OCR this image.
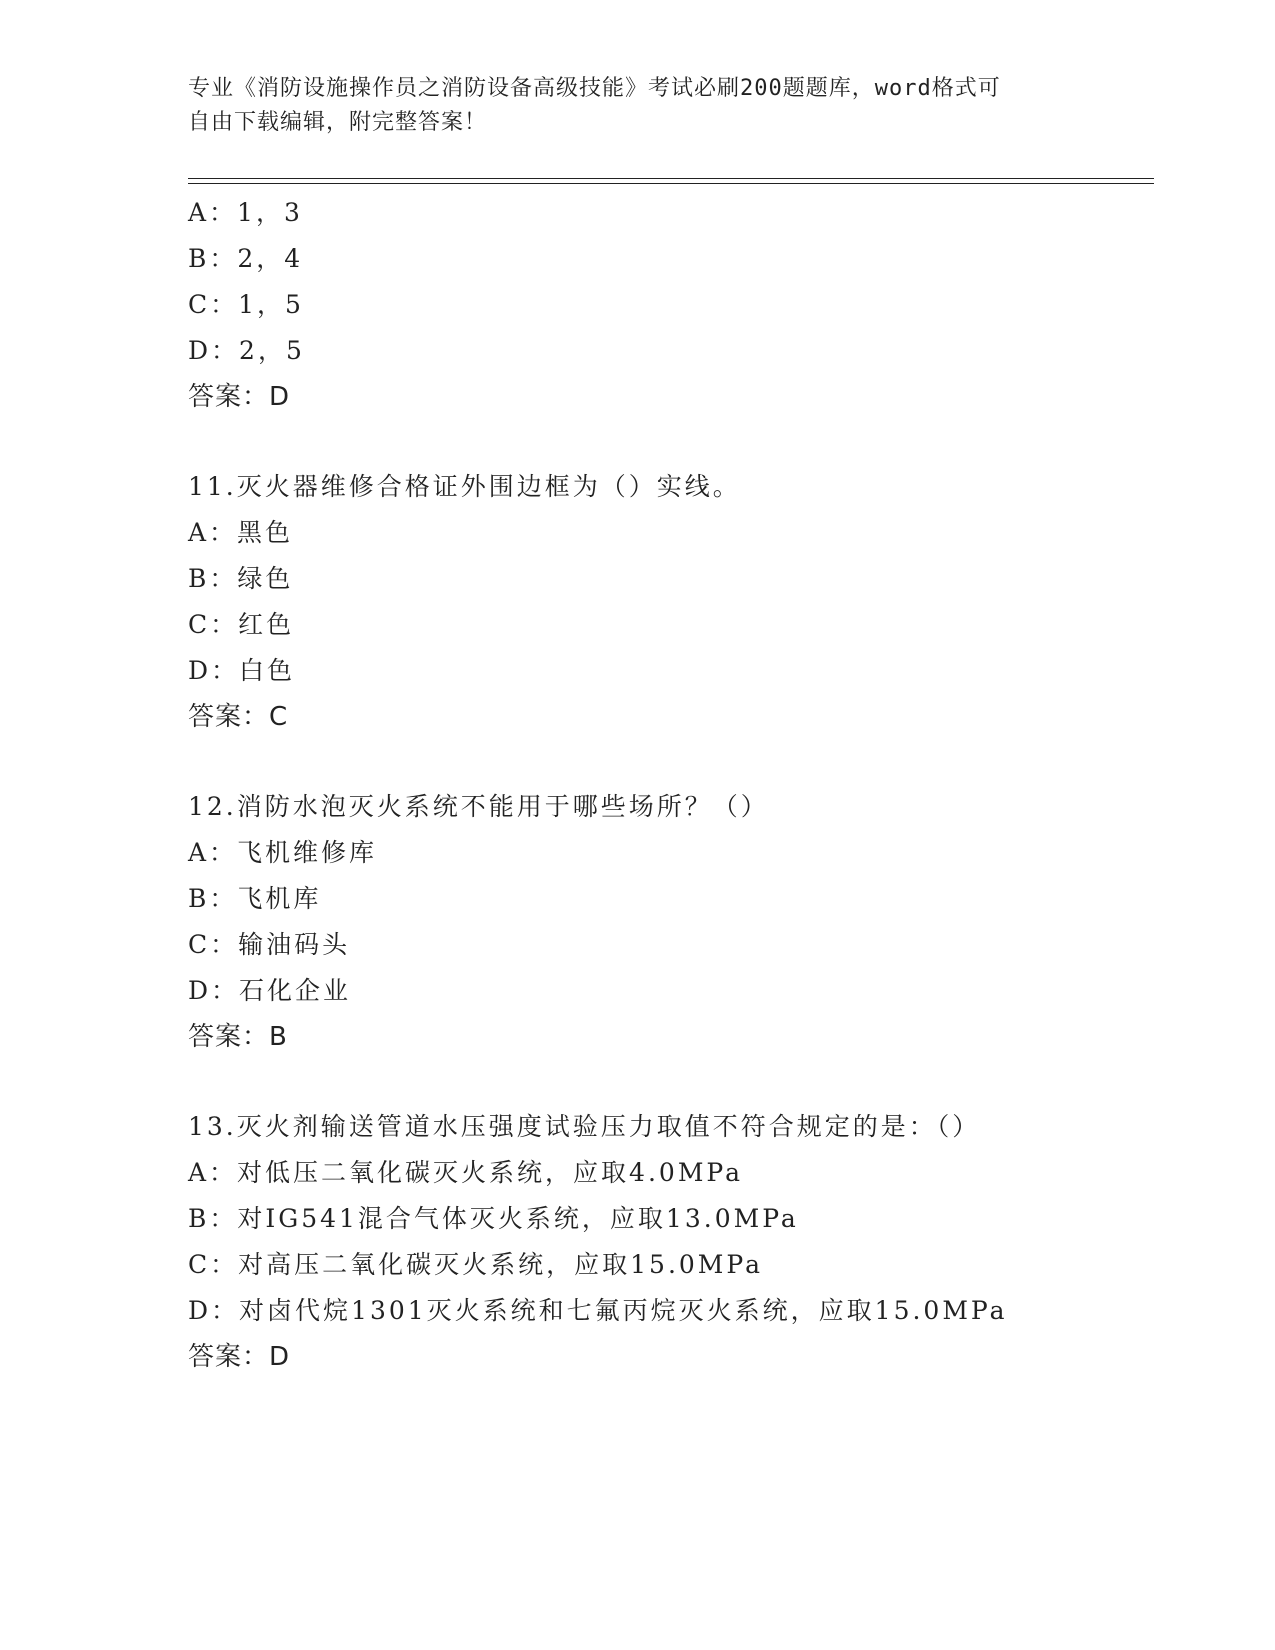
专业《消防设施操作员之消防设备高级技能》考试必刷200题题库，word格式可
自由下载编辑，附完整答案！
A：1，3
B：2，4
C：1，5
D：2，5
答案：D
11.灭火器维修合格证外围边框为（）实线。
A：黑色
B：绿色
C：红色
D：白色
答案：C
12.消防水泡灭火系统不能用于哪些场所？（）
A：飞机维修库
B：飞机库
C：输油码头
D：石化企业
答案：B
13.灭火剂输送管道水压强度试验压力取值不符合规定的是：（）
A：对低压二氧化碳灭火系统，应取4.0MPa
B：对IG541混合气体灭火系统，应取13.0MPa
C：对高压二氧化碳灭火系统，应取15.0MPa
D：对卤代烷1301灭火系统和七氟丙烷灭火系统，应取15.0MPa
答案：D
